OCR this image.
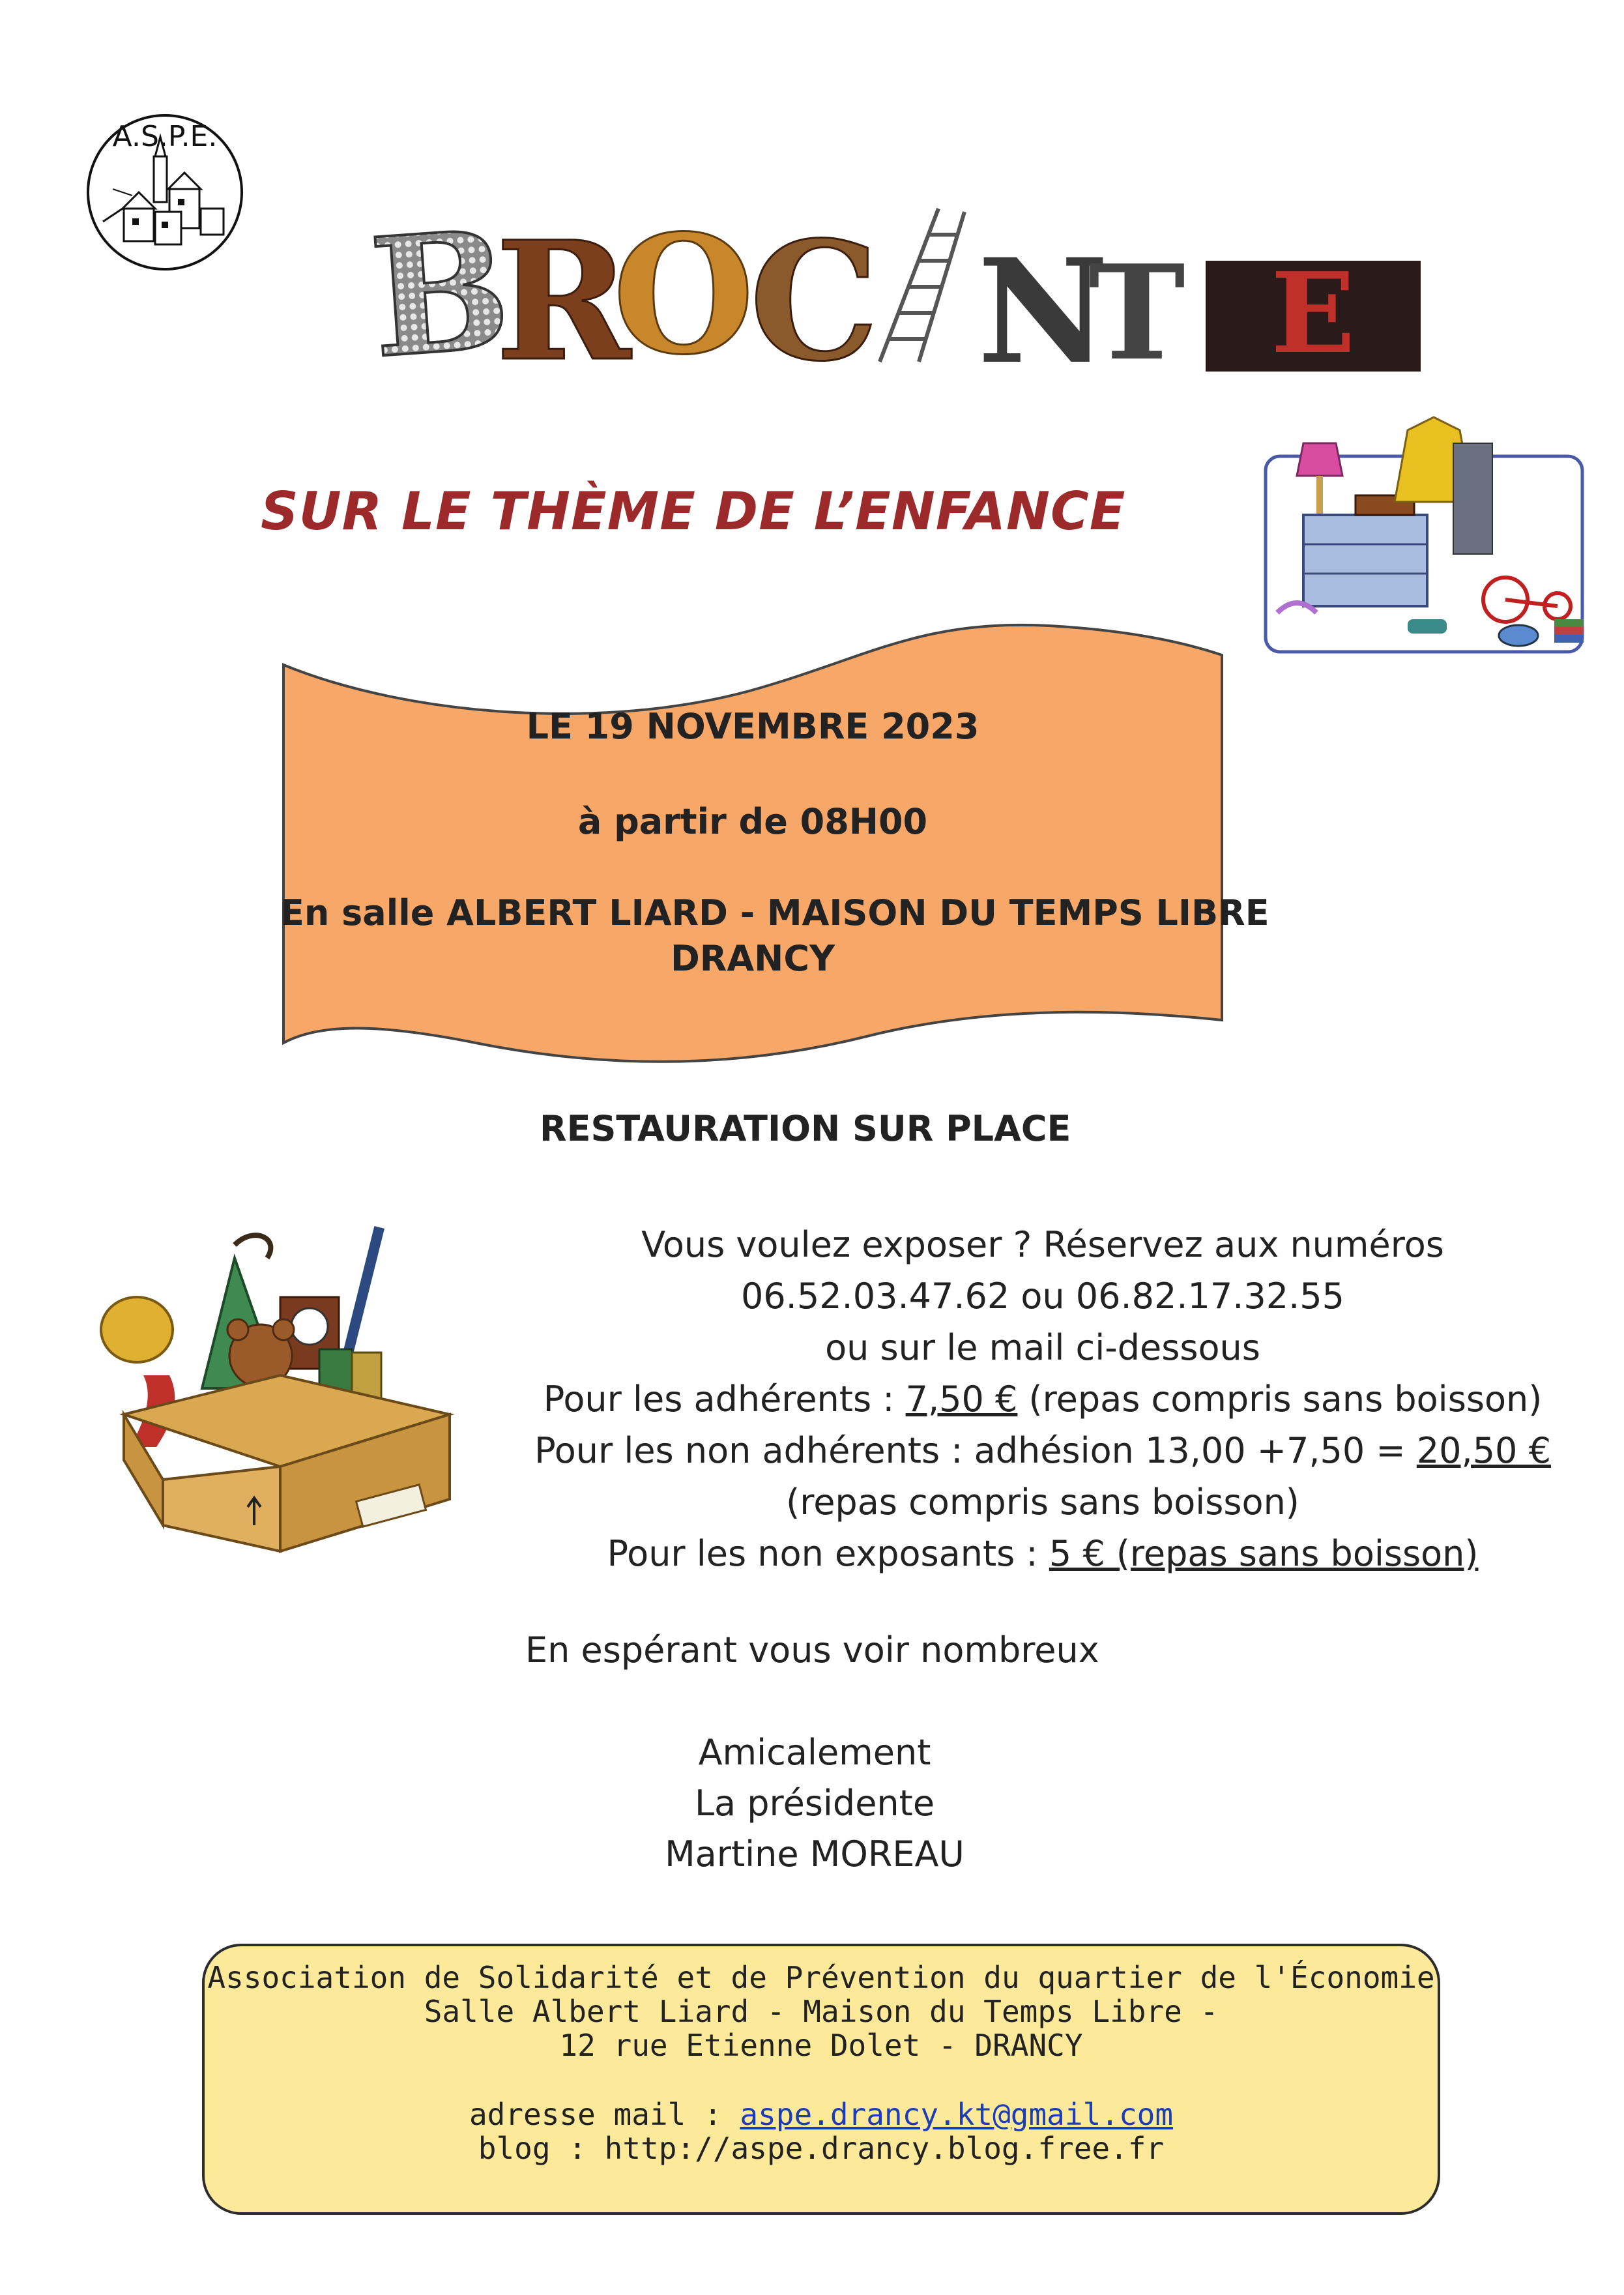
A.S.P.E.
B
R
O
C N
T E
SUR LE THÈME DE L’ENFANCE
LE 19 NOVEMBRE 2023
à partir de 08H00
En salle ALBERT LIARD - MAISON DU TEMPS LIBRE
DRANCY
RESTAURATION SUR PLACE
Vous voulez exposer ? Réservez aux numéros
06.52.03.47.62 ou 06.82.17.32.55
ou sur le mail ci-dessous
Pour les adhérents : 7,50 € (repas compris sans boisson)
Pour les non adhérents : adhésion 13,00 +7,50 = 20,50 €
(repas compris sans boisson)
Pour les non exposants : 5 € (repas sans boisson)
En espérant vous voir nombreux
Amicalement
La présidente
Martine MOREAU
Association de Solidarité et de Prévention du quartier de l'Économie
Salle Albert Liard - Maison du Temps Libre -
12 rue Etienne Dolet - DRANCY
adresse mail : aspe.drancy.kt@gmail.com
blog : http://aspe.drancy.blog.free.fr
